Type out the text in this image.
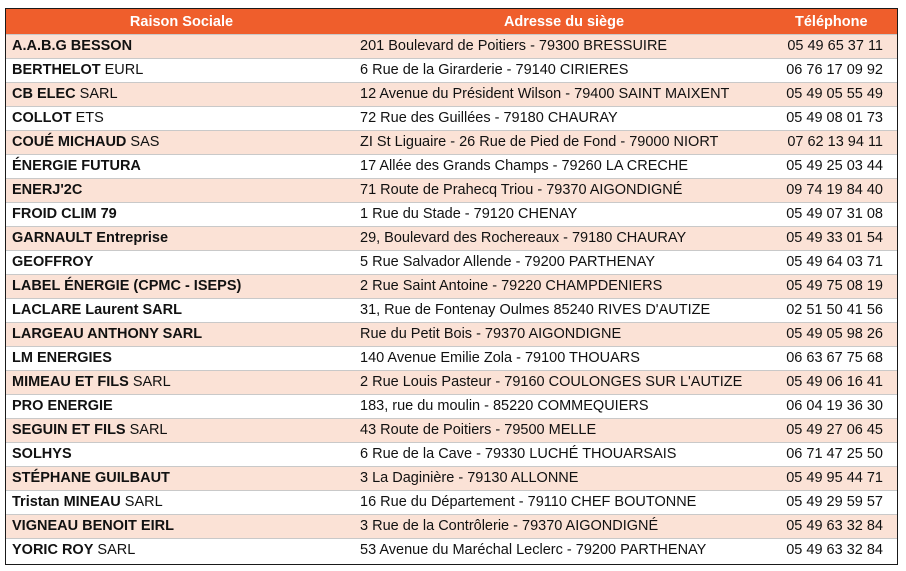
Raison Sociale	Adresse du siège	Téléphone
A.A.B.G BESSON	201 Boulevard de Poitiers - 79300 BRESSUIRE	05 49 65 37 11
BERTHELOT EURL	6 Rue de la Girarderie - 79140 CIRIERES	06 76 17 09 92
CB ELEC SARL	12 Avenue du Président Wilson - 79400 SAINT MAIXENT	05 49 05 55 49
COLLOT ETS	72 Rue des Guillées - 79180 CHAURAY	05 49 08 01 73
COUÉ MICHAUD SAS	ZI St Liguaire - 26 Rue de Pied de Fond - 79000 NIORT	07 62 13 94 11
ÉNERGIE FUTURA	17 Allée des Grands Champs - 79260 LA CRECHE	05 49 25 03 44
ENERJ'2C	71 Route de Prahecq Triou - 79370 AIGONDIGNÉ	09 74 19 84 40
FROID CLIM 79	1 Rue du Stade - 79120 CHENAY	05 49 07 31 08
GARNAULT Entreprise	29, Boulevard des Rochereaux - 79180 CHAURAY	05 49 33 01 54
GEOFFROY	5 Rue Salvador Allende - 79200 PARTHENAY	05 49 64 03 71
LABEL ÉNERGIE (CPMC - ISEPS)	2 Rue Saint Antoine - 79220 CHAMPDENIERS	05 49 75 08 19
LACLARE Laurent SARL	31, Rue de Fontenay Oulmes 85240 RIVES D'AUTIZE	02 51 50 41 56
LARGEAU ANTHONY SARL	Rue du Petit Bois - 79370 AIGONDIGNE	05 49 05 98 26
LM ENERGIES	140 Avenue Emilie Zola - 79100 THOUARS	06 63 67 75 68
MIMEAU ET FILS SARL	2 Rue Louis Pasteur - 79160 COULONGES SUR L'AUTIZE	05 49 06 16 41
PRO ENERGIE	183, rue du moulin - 85220 COMMEQUIERS	06 04 19 36 30
SEGUIN ET FILS SARL	43 Route de Poitiers - 79500 MELLE	05 49 27 06 45
SOLHYS	6 Rue de la Cave - 79330 LUCHÉ THOUARSAIS	06 71 47 25 50
STÉPHANE GUILBAUT	3 La Daginière - 79130 ALLONNE	05 49 95 44 71
Tristan MINEAU SARL	16 Rue du Département - 79110 CHEF BOUTONNE	05 49 29 59 57
VIGNEAU BENOIT EIRL	3 Rue de la Contrôlerie - 79370 AIGONDIGNÉ	05 49 63 32 84
YORIC ROY SARL	53 Avenue du Maréchal Leclerc - 79200 PARTHENAY	05 49 63 32 84
